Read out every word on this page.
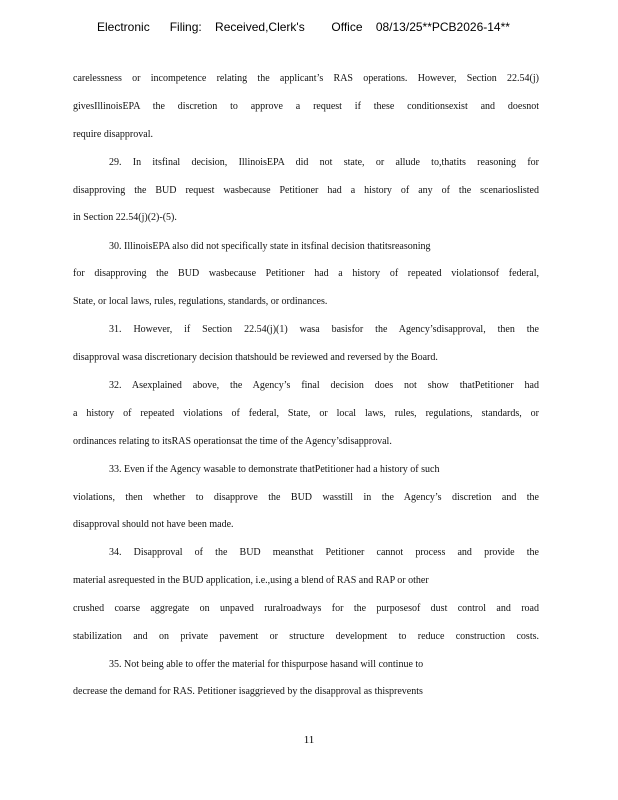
Electronic      Filing:    Received,Clerk's        Office    08/13/25**PCB2026-14**
carelessness or incompetence relating the applicant’s RAS operations. However, Section 22.54(j)
givesIllinoisEPA the discretion to approve a request if these conditionsexist and doesnot
require disapproval.
29. In itsfinal decision, IllinoisEPA did not state, or allude to,thatits reasoning for
disapproving the BUD request wasbecause Petitioner had a history of any of the scenarioslisted
in Section 22.54(j)(2)-(5).
30. IllinoisEPA also did not specifically state in itsfinal decision thatitsreasoning
for disapproving the BUD wasbecause Petitioner had a history of repeated violationsof federal,
State, or local laws, rules, regulations, standards, or ordinances.
31. However, if Section 22.54(j)(1) wasa basisfor the Agency’sdisapproval, then the
disapproval wasa discretionary decision thatshould be reviewed and reversed by the Board.
32. Asexplained above, the Agency’s final decision does not show thatPetitioner had
a history of repeated violations of federal, State, or local laws, rules, regulations, standards, or
ordinances relating to itsRAS operationsat the time of the Agency’sdisapproval.
33. Even if the Agency wasable to demonstrate thatPetitioner had a history of such
violations, then whether to disapprove the BUD wasstill in the Agency’s discretion and the
disapproval should not have been made.
34. Disapproval of the BUD meansthat Petitioner cannot process and provide the
material asrequested in the BUD application, i.e.,using a blend of RAS and RAP or other
crushed coarse aggregate on unpaved ruralroadways for the purposesof dust control and road
stabilization and on private pavement or structure development to reduce construction costs.
35. Not being able to offer the material for thispurpose hasand will continue to
decrease the demand for RAS. Petitioner isaggrieved by the disapproval as thisprevents
11
